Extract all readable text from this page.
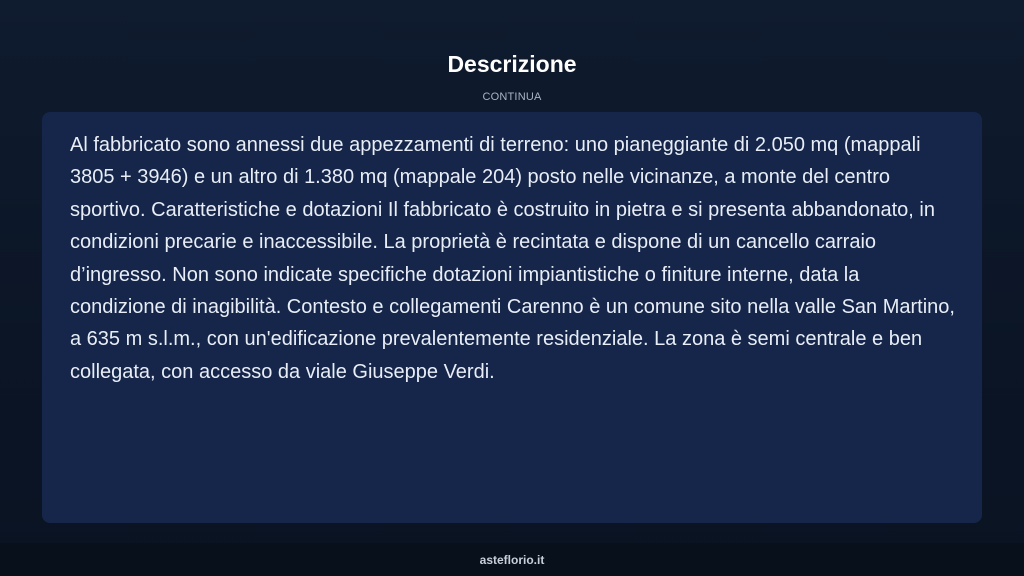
Descrizione
CONTINUA

Al fabbricato sono annessi due appezzamenti di terreno: uno pianeggiante di 2.050 mq (mappali 3805 + 3946) e un altro di 1.380 mq (mappale 204) posto nelle vicinanze, a monte del centro sportivo. Caratteristiche e dotazioni Il fabbricato è costruito in pietra e si presenta abbandonato, in condizioni precarie e inaccessibile. La proprietà è recintata e dispone di un cancello carraio d’ingresso. Non sono indicate specifiche dotazioni impiantistiche o finiture interne, data la condizione di inagibilità. Contesto e collegamenti Carenno è un comune sito nella valle San Martino, a 635 m s.l.m., con un'edificazione prevalentemente residenziale. La zona è semi centrale e ben collegata, con accesso da viale Giuseppe Verdi.

asteflorio.it
